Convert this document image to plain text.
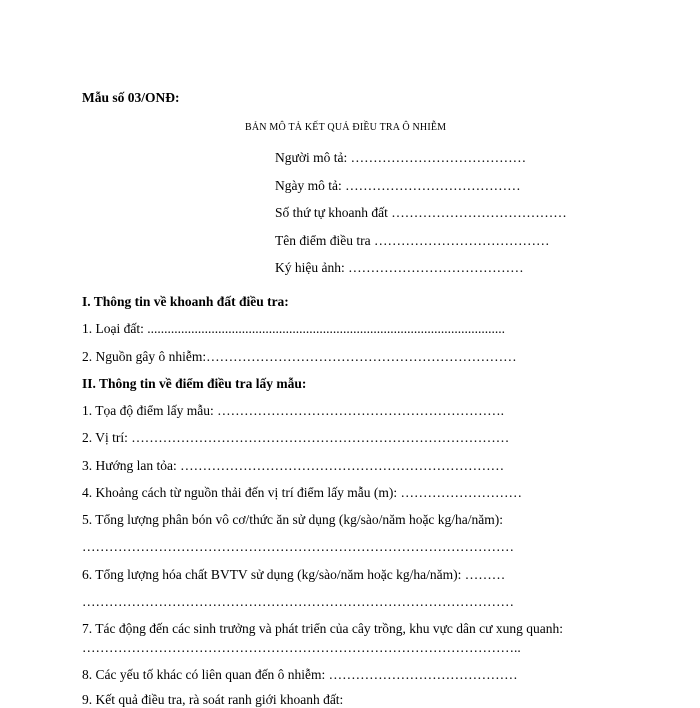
Mẫu số 03/ONĐ:
BẢN MÔ TẢ KẾT QUẢ ĐIỀU TRA Ô NHIỄM
Người mô tả: …………………………………
Ngày mô tả: …………………………………
Số thứ tự khoanh đất …………………………………
Tên điểm điều tra …………………………………
Ký hiệu ảnh: …………………………………
I. Thông tin về khoanh đất điều tra:
1. Loại đất: ..........................................................................................................
2. Nguồn gây ô nhiễm:……………………………………………………………
II. Thông tin về điểm điều tra lấy mẫu:
1. Tọa độ điểm lấy mẫu: ……………………………………………………….
2. Vị trí: …………………………………………………………………………
3. Hướng lan tỏa: ………………………………………………………………
4. Khoảng cách từ nguồn thải đến vị trí điểm lấy mẫu (m): ………………………
5. Tổng lượng phân bón vô cơ/thức ăn sử dụng (kg/sào/năm hoặc kg/ha/năm):
……………………………………………………………………………………
6. Tổng lượng hóa chất BVTV sử dụng (kg/sào/năm hoặc kg/ha/năm): ………
……………………………………………………………………………………
7. Tác động đến các sinh trưởng và phát triển của cây trồng, khu vực dân cư xung quanh:
……………………………………………………………………………………..
8. Các yếu tố khác có liên quan đến ô nhiễm: ……………………………………
9. Kết quả điều tra, rà soát ranh giới khoanh đất:
